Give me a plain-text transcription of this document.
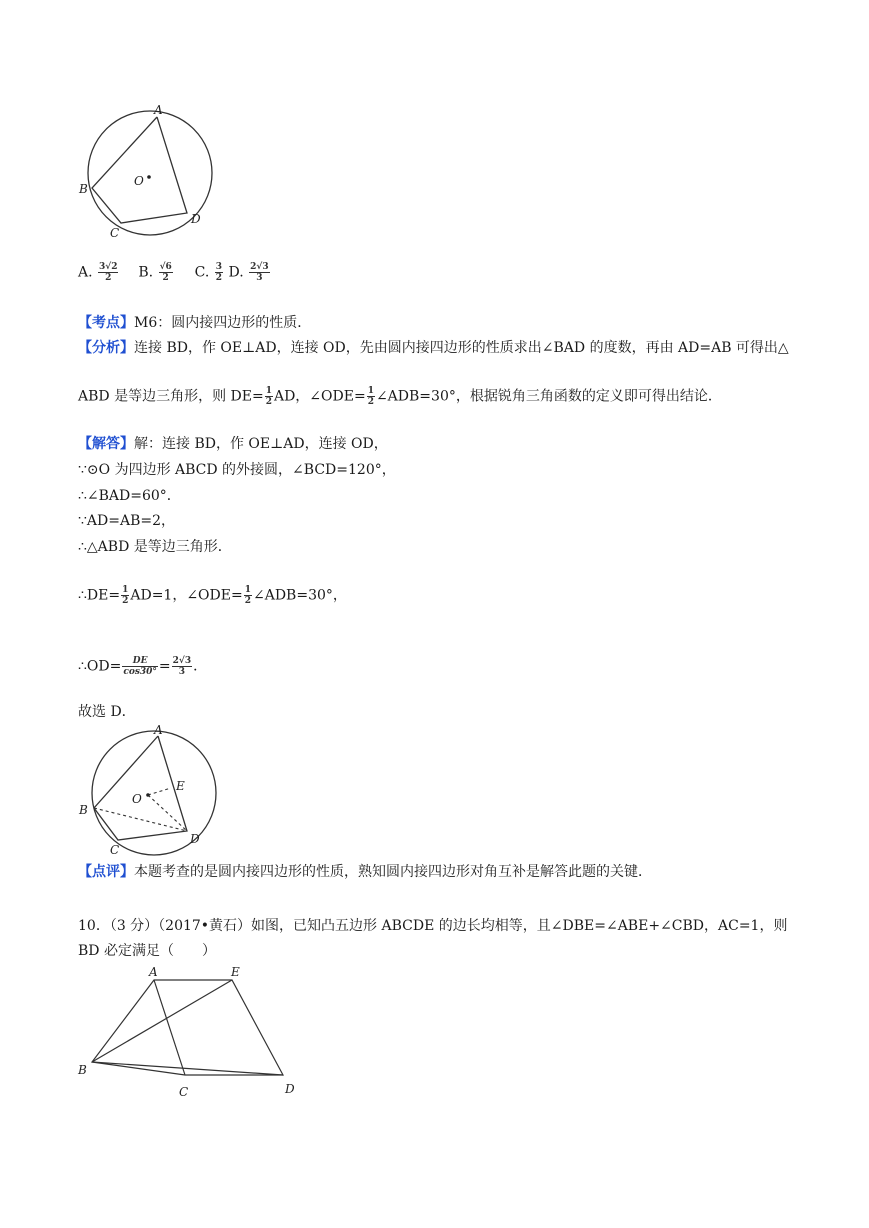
A
B
C
D
O
A. $\frac{3√2}{2} B$. $\frac{√6}{2} C$. $\frac{3}{2} D$. $\frac{2√3}{3}$
【考点】M6：圆内接四边形的性质．
【分析】连接 BD，作 OE⊥AD，连接 OD，先由圆内接四边形的性质求出∠BAD 的度数，再由 AD=AB 可得出△
ABD 是等边三角形，则 $DE= \frac{1}{2}$ AD，∠ODE= $\frac{1}{2}$ ∠ADB=30°，根据锐角三角函数的定义即可得出结论．
【解答】解：连接 BD，作 OE⊥AD，连接 OD，
∵⊙O 为四边形 ABCD 的外接圆，∠BCD=120°，
∴∠BAD=60°．
∵AD=AB=2，
∴△ABD 是等边三角形．
∴DE= $\frac{1}{2} AD=1$，∠ODE= $\frac{1}{2}$ ∠ADB=30°，
∴OD= $\frac{DE}{\cos 30^\circ} = \frac{2√3}{3}$ ．
故选 D．
A
B
C
D
O
E
【点评】本题考查的是圆内接四边形的性质，熟知圆内接四边形对角互补是解答此题的关键．
10．（3 分）（2017•黄石）如图，已知凸五边形 ABCDE 的边长均相等，且∠DBE=∠ABE+∠CBD，AC=1，则
BD 必定满足（　　）
A
B
C	D
E
